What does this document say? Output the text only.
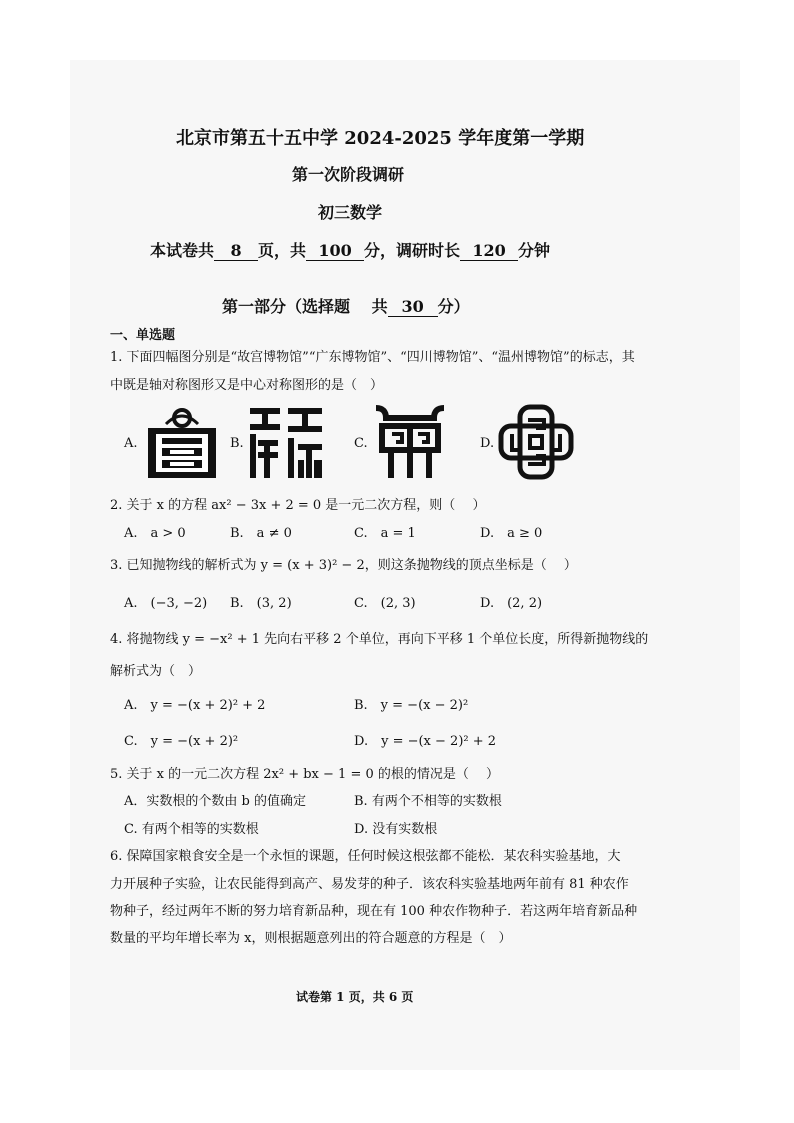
北京市第五十五中学 2024-2025 学年度第一学期
第一次阶段调研
初三数学
本试卷共 8 页，共 100 分，调研时长 120 分钟
第一部分（选择题　 共 30 分）
一、单选题
1. 下面四幅图分别是“故宫博物馆”“广东博物馆”、“四川博物馆”、“温州博物馆”的标志，其
中既是轴对称图形又是中心对称图形的是（　）
A.	B.	C.	D.
2. 关于 x 的方程 ax² − 3x + 2 = 0 是一元二次方程，则（　 ）
A.　a > 0	B.　a ≠ 0	C.　a = 1	D.　a ≥ 0
3. 已知抛物线的解析式为 y = (x + 3)² − 2，则这条抛物线的顶点坐标是（　 ）
A.　(−3, −2) B.　(3, 2)	C.　(2, 3)	D.　(2, 2)
4. 将抛物线 y = −x² + 1 先向右平移 2 个单位，再向下平移 1 个单位长度，所得新抛物线的
解析式为（　）
A.　y = −(x + 2)² + 2	B.　y = −(x − 2)²
C.　y = −(x + 2)²	D.　y = −(x − 2)² + 2
5. 关于 x 的一元二次方程 2x² + bx − 1 = 0 的根的情况是（　 ）
A．实数根的个数由 b 的值确定	B. 有两个不相等的实数根
C. 有两个相等的实数根	D. 没有实数根
6. 保障国家粮食安全是一个永恒的课题，任何时候这根弦都不能松．某农科实验基地，大
力开展种子实验，让农民能得到高产、易发芽的种子．该农科实验基地两年前有 81 种农作
物种子，经过两年不断的努力培育新品种，现在有 100 种农作物种子．若这两年培育新品种
数量的平均年增长率为 x，则根据题意列出的符合题意的方程是（　）
试卷第 1 页，共 6 页
